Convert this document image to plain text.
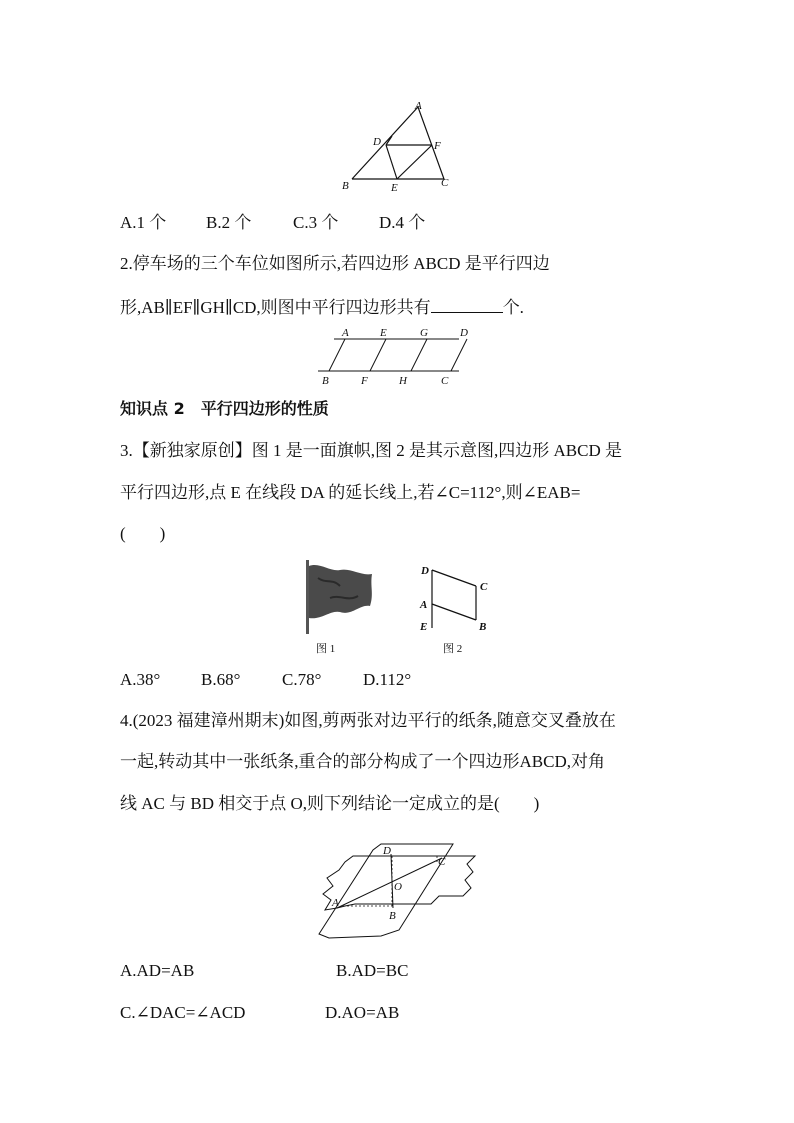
A
D	F
B	E	C
A.1 个 B.2 个 C.3 个 D.4 个
2.停车场的三个车位如图所示,若四边形 ABCD 是平行四边
形,AB∥EF∥GH∥CD,则图中平行四边形共有	个.
A	E	G	D
B	F	H	C
知识点 2　平行四边形的性质
3.【新独家原创】图 1 是一面旗帜,图 2 是其示意图,四边形 ABCD 是
平行四边形,点 E 在线段 DA 的延长线上,若∠C=112°,则∠EAB=
(　　)
图 1
D
C
A
E	B
图 2
A.38° B.68° C.78° D.112°
4.(2023 福建漳州期末)如图,剪两张对边平行的纸条,随意交叉叠放在
一起,转动其中一张纸条,重合的部分构成了一个四边形ABCD,对角
线 AC 与 BD 相交于点 O,则下列结论一定成立的是(　　)
D
C
O
A
B
A.AD=AB	B.AD=BC
C.∠DAC=∠ACD	D.AO=AB
